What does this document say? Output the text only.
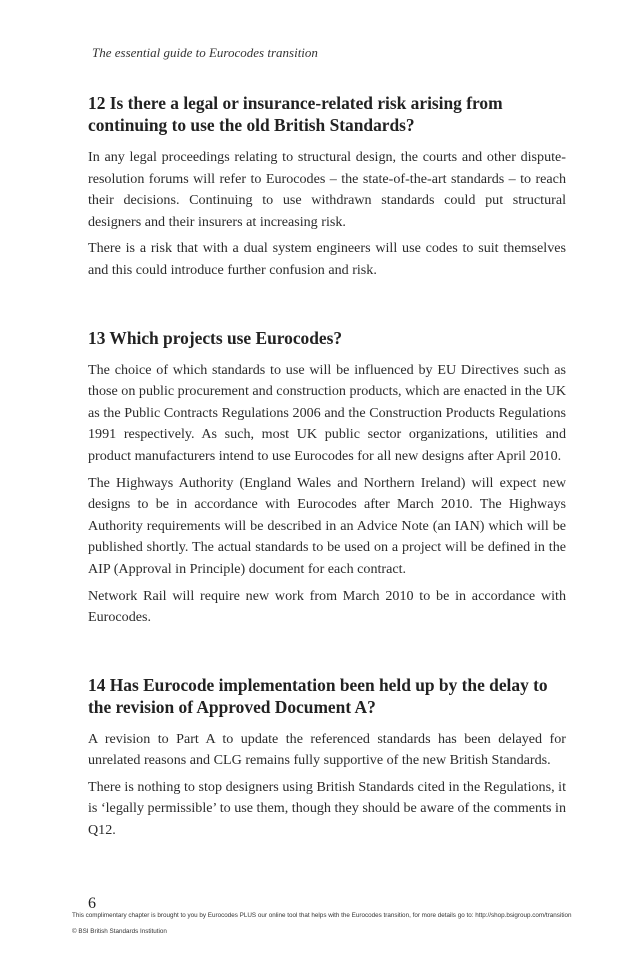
The essential guide to Eurocodes transition
12 Is there a legal or insurance-related risk arising from continuing to use the old British Standards?

In any legal proceedings relating to structural design, the courts and other dispute-resolution forums will refer to Eurocodes – the state-of-the-art standards – to reach their decisions. Continuing to use withdrawn standards could put structural designers and their insurers at increasing risk.

There is a risk that with a dual system engineers will use codes to suit themselves and this could introduce further confusion and risk.

13 Which projects use Eurocodes?

The choice of which standards to use will be influenced by EU Directives such as those on public procurement and construction products, which are enacted in the UK as the Public Contracts Regulations 2006 and the Construction Products Regulations 1991 respectively. As such, most UK public sector organizations, utilities and product manufacturers intend to use Eurocodes for all new designs after April 2010.

The Highways Authority (England Wales and Northern Ireland) will expect new designs to be in accordance with Eurocodes after March 2010. The Highways Authority requirements will be described in an Advice Note (an IAN) which will be published shortly. The actual standards to be used on a project will be defined in the AIP (Approval in Principle) document for each contract.

Network Rail will require new work from March 2010 to be in accordance with Eurocodes.

14 Has Eurocode implementation been held up by the delay to the revision of Approved Document A?

A revision to Part A to update the referenced standards has been delayed for unrelated reasons and CLG remains fully supportive of the new British Standards.

There is nothing to stop designers using British Standards cited in the Regulations, it is ‘legally permissible’ to use them, though they should be aware of the comments in Q12.

6
This complimentary chapter is brought to you by Eurocodes PLUS our online tool that helps with the Eurocodes transition, for more details go to: http://shop.bsigroup.com/transition
© BSI British Standards Institution
